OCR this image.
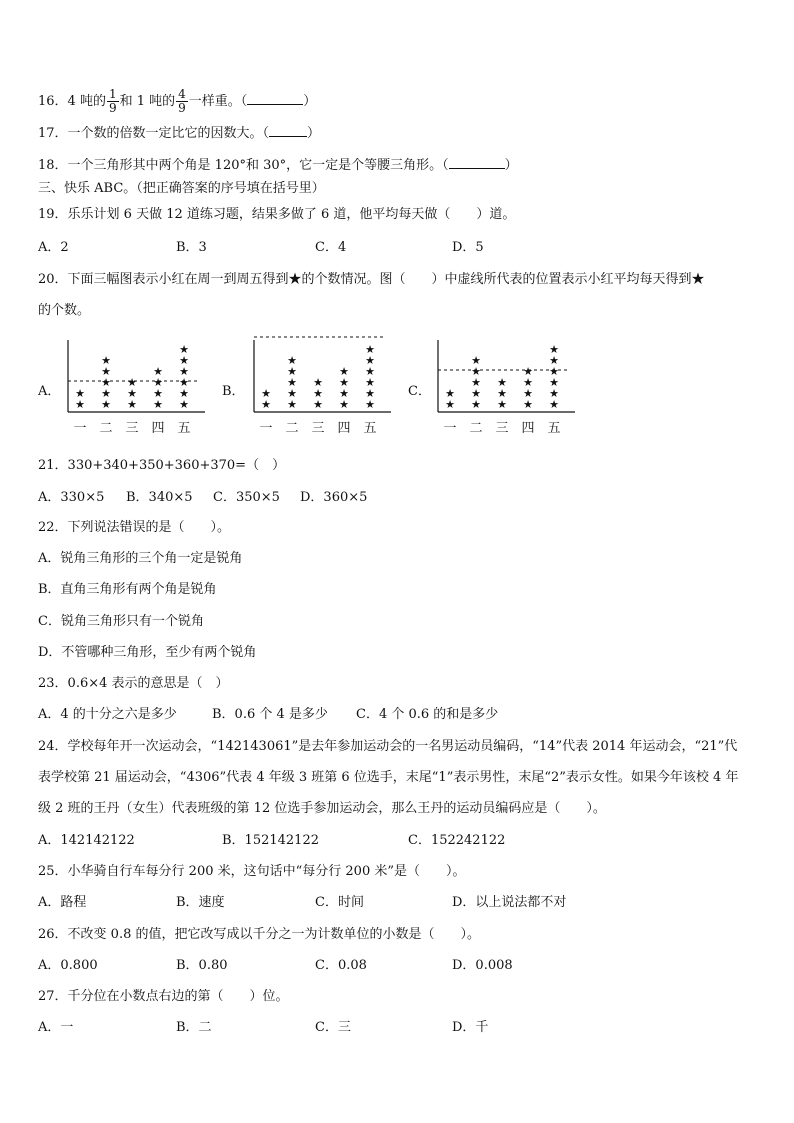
16．4 吨的 $\frac{1}{9}$ 和 1 吨的 $\frac{4}{9}$ 一样重。（	）
17．一个数的倍数一定比它的因数大。（	）
18．一个三角形其中两个角是 120°和 30°，它一定是个等腰三角形。（	）
三、快乐 ABC。（把正确答案的序号填在括号里）
19．乐乐计划 6 天做 12 道练习题，结果多做了 6 道，他平均每天做（　　）道。
A．2	B．3	C．4	D．5
20．下面三幅图表示小红在周一到周五得到★的个数情况。图（　　）中虚线所代表的位置表示小红平均每天得到★
的个数。
A．	B．	C．
★
★
一
★
★
★
★
★
二
★
★
★
三
★
★
★
★
四
★
★
★
★
★
★
五
★
★
一
★
★
★
★
★
二
★
★
★
三
★
★
★
★
四
★
★
★
★
★
★
五
★
★
一
★
★
★
★
★
二
★
★
★
三
★
★
★
★
四
★
★
★
★
★
★
五
21．330+340+350+360+370=（　）
A．330×5 B．340×5 C．350×5 D．360×5
22．下列说法错误的是（　　）。
A．锐角三角形的三个角一定是锐角
B．直角三角形有两个角是锐角
C．锐角三角形只有一个锐角
D．不管哪种三角形，至少有两个锐角
23．0.6×4 表示的意思是（　）
A．4 的十分之六是多少	B．0.6 个 4 是多少 C．4 个 0.6 的和是多少
24．学校每年开一次运动会，“142143061”是去年参加运动会的一名男运动员编码，“14”代表 2014 年运动会，“21”代
表学校第 21 届运动会，“4306”代表 4 年级 3 班第 6 位选手，末尾“1”表示男性，末尾“2”表示女性。如果今年该校 4 年
级 2 班的王丹（女生）代表班级的第 12 位选手参加运动会，那么王丹的运动员编码应是（　　）。
A．142142122	B．152142122	C．152242122
25．小华骑自行车每分行 200 米，这句话中“每分行 200 米”是（　　）。
A．路程	B．速度	C．时间	D．以上说法都不对
26．不改变 0.8 的值，把它改写成以千分之一为计数单位的小数是（　　）。
A．0.800	B．0.80	C．0.08	D．0.008
27．千分位在小数点右边的第（　　）位。
A．一	B．二	C．三	D．千
